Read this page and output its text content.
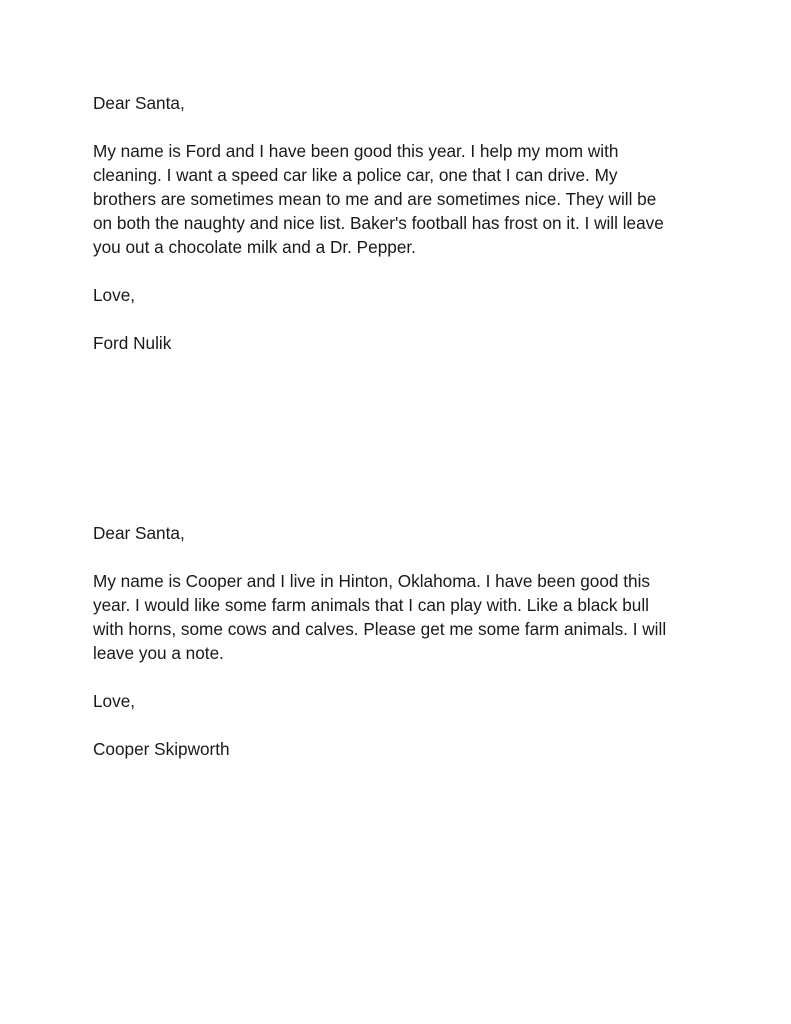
Dear Santa,

My name is Ford and I have been good this year. I help my mom with

cleaning. I want a speed car like a police car, one that I can drive. My

brothers are sometimes mean to me and are sometimes nice. They will be

on both the naughty and nice list. Baker's football has frost on it. I will leave

you out a chocolate milk and a Dr. Pepper.

Love,

Ford Nulik

Dear Santa,

My name is Cooper and I live in Hinton, Oklahoma. I have been good this

year. I would like some farm animals that I can play with. Like a black bull

with horns, some cows and calves. Please get me some farm animals. I will

leave you a note.

Love,

Cooper Skipworth
